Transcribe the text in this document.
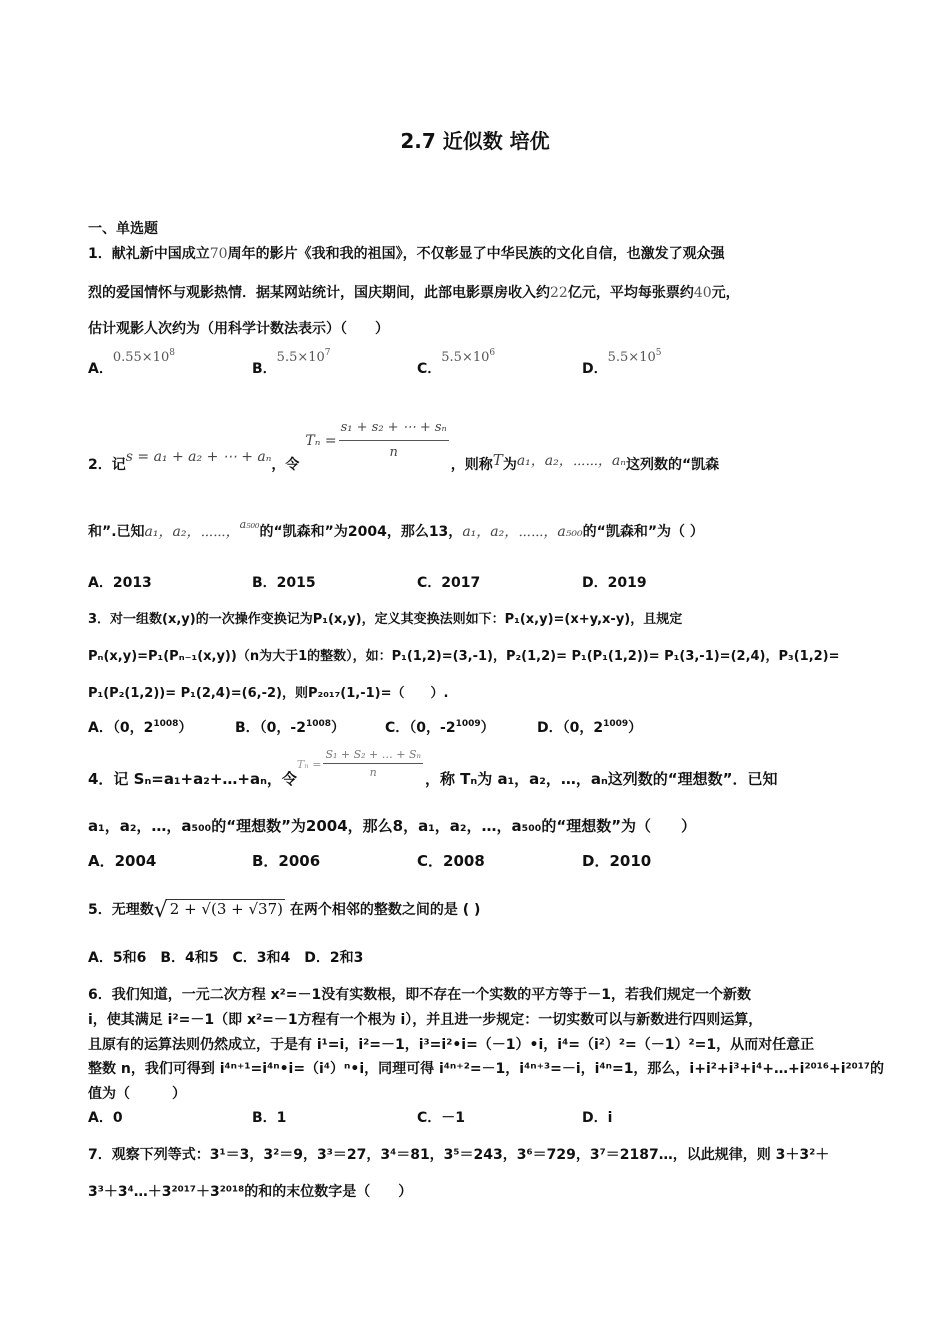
2.7 近似数 培优
一、单选题
1．献礼新中国成立70周年的影片《我和我的祖国》，不仅彰显了中华民族的文化自信，也激发了观众强
烈的爱国情怀与观影热情．据某网站统计，国庆期间，此部电影票房收入约22亿元，平均每张票约40元，
估计观影人次约为（用科学计数法表示）（　　）
A．$0.55\times 10^8$
B．$5.5\times 10^7$
C．$5.5\times 10^6$
D．$5.5\times 10^5$
2．记s = a₁ + a₂ + ⋯ + aₙ，令$T_n = \frac{\text{s₁ + s₂ + ⋯ + sₙ}}{n}$
，则称T为a₁，a₂，⋯⋯，aₙ这列数的“凯森
和”.已知a₁，a₂，⋯⋯，$^{a_{500}}$的“凯森和”为2004，那么13，a₁，a₂，⋯⋯，a₅₀₀的“凯森和”为（ ）
A．2013	B．2015	C．2017	D．2019
3．对一组数(x,y)的一次操作变换记为P₁(x,y)，定义其变换法则如下：P₁(x,y)=(x+y,x-y)，且规定
Pₙ(x,y)=P₁(Pₙ₋₁(x,y))（n为大于1的整数），如：P₁(1,2)=(3,-1)，P₂(1,2)= P₁(P₁(1,2))= P₁(3,-1)=(2,4)，P₃(1,2)=
P₁(P₂(1,2))= P₁(2,4)=(6,-2)，则P₂₀₁₇(1,-1)=（　　）.
A．（0，$2^{1008}$）	B．（0，$-2^{1008}$）	C．（0，$-2^{1009}$）	D．（0，$2^{1009}$）
4．记 Sₙ=a₁+a₂+…+aₙ，令$T_n = \frac{\text{S₁ + S₂ + … + Sₙ}}{n}$ ，称 Tₙ为 a₁，a₂，…，aₙ这列数的“理想数”．已知
a₁，a₂，…，a₅₀₀的“理想数”为2004，那么8，a₁，a₂，…，a₅₀₀的“理想数”为（　　）
A．2004	B．2006	C．2008	D．2010
5．无理数√ 2 + √(3 + √37) 在两个相邻的整数之间的是 ( )
A．5和6　B．4和5　C．3和4　D．2和3
6．我们知道，一元二次方程 x²=－1没有实数根，即不存在一个实数的平方等于－1，若我们规定一个新数
i，使其满足 i²=－1（即 x²=－1方程有一个根为 i），并且进一步规定：一切实数可以与新数进行四则运算，
且原有的运算法则仍然成立，于是有 i¹=i，i²=－1，i³=i²•i=（－1）•i，i⁴=（i²）²=（－1）²=1，从而对任意正
整数 n，我们可得到 i⁴ⁿ⁺¹=i⁴ⁿ•i=（i⁴）ⁿ•i，同理可得 i⁴ⁿ⁺²=－1，i⁴ⁿ⁺³=－i，i⁴ⁿ=1，那么，i+i²+i³+i⁴+…+i²⁰¹⁶+i²⁰¹⁷的
值为（　　　）
A．0	B．1	C．－1	D．i
7．观察下列等式：3¹＝3，3²＝9，3³＝27，3⁴＝81，3⁵＝243，3⁶＝729，3⁷＝2187…，以此规律，则 3＋3²＋
3³＋3⁴…＋3²⁰¹⁷＋3²⁰¹⁸的和的末位数字是（　　）
